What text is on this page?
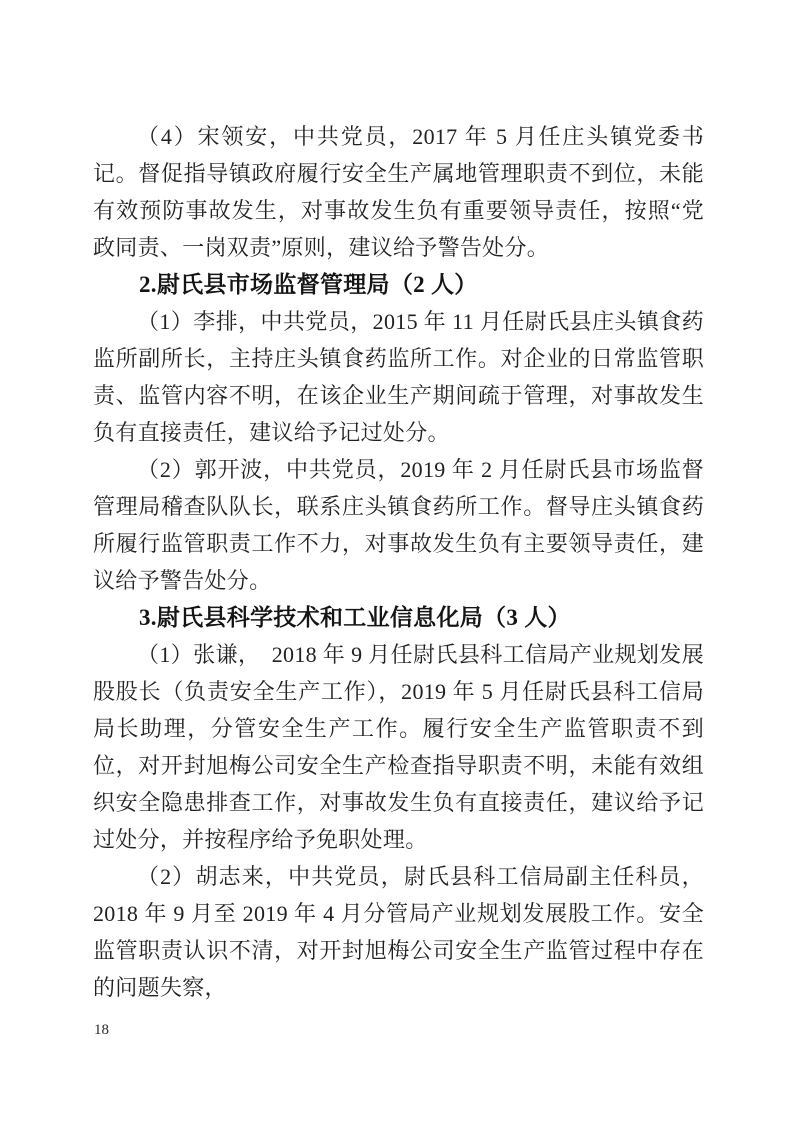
（4）宋领安，中共党员，2017 年 5 月任庄头镇党委书记。督促指导镇政府履行安全生产属地管理职责不到位，未能有效预防事故发生，对事故发生负有重要领导责任，按照“党政同责、一岗双责”原则，建议给予警告处分。

2.尉氏县市场监督管理局（2 人）

（1）李排，中共党员，2015 年 11 月任尉氏县庄头镇食药监所副所长，主持庄头镇食药监所工作。对企业的日常监管职责、监管内容不明，在该企业生产期间疏于管理，对事故发生负有直接责任，建议给予记过处分。

（2）郭开波，中共党员，2019 年 2 月任尉氏县市场监督管理局稽查队队长，联系庄头镇食药所工作。督导庄头镇食药所履行监管职责工作不力，对事故发生负有主要领导责任，建议给予警告处分。

3.尉氏县科学技术和工业信息化局（3 人）

（1）张谦，　2018 年 9 月任尉氏县科工信局产业规划发展股股长（负责安全生产工作），2019 年 5 月任尉氏县科工信局局长助理，分管安全生产工作。履行安全生产监管职责不到位，对开封旭梅公司安全生产检查指导职责不明，未能有效组织安全隐患排查工作，对事故发生负有直接责任，建议给予记过处分，并按程序给予免职处理。

（2）胡志来，中共党员，尉氏县科工信局副主任科员，2018 年 9 月至 2019 年 4 月分管局产业规划发展股工作。安全监管职责认识不清，对开封旭梅公司安全生产监管过程中存在的问题失察，

18
